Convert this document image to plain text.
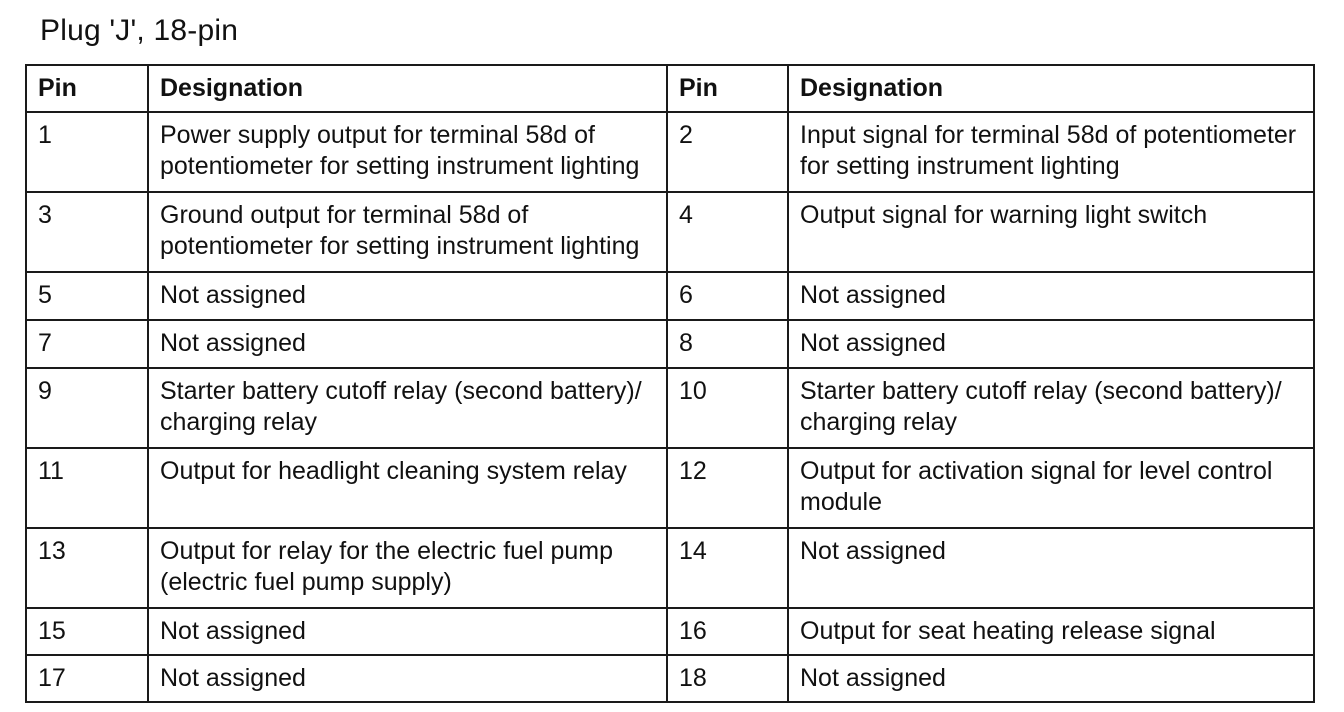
Plug 'J', 18-pin
Pin	Designation	Pin	Designation
1	Power supply output for terminal 58d of potentiometer for setting instrument lighting	2	Input signal for terminal 58d of potentiometer for setting instrument lighting
3	Ground output for terminal 58d of potentiometer for setting instrument lighting	4	Output signal for warning light switch
5	Not assigned	6	Not assigned
7	Not assigned	8	Not assigned
9	Starter battery cutoff relay (second battery)/ charging relay	10	Starter battery cutoff relay (second battery)/ charging relay
11	Output for headlight cleaning system relay	12	Output for activation signal for level control module
13	Output for relay for the electric fuel pump (electric fuel pump supply)	14	Not assigned
15	Not assigned	16	Output for seat heating release signal
17	Not assigned	18	Not assigned
